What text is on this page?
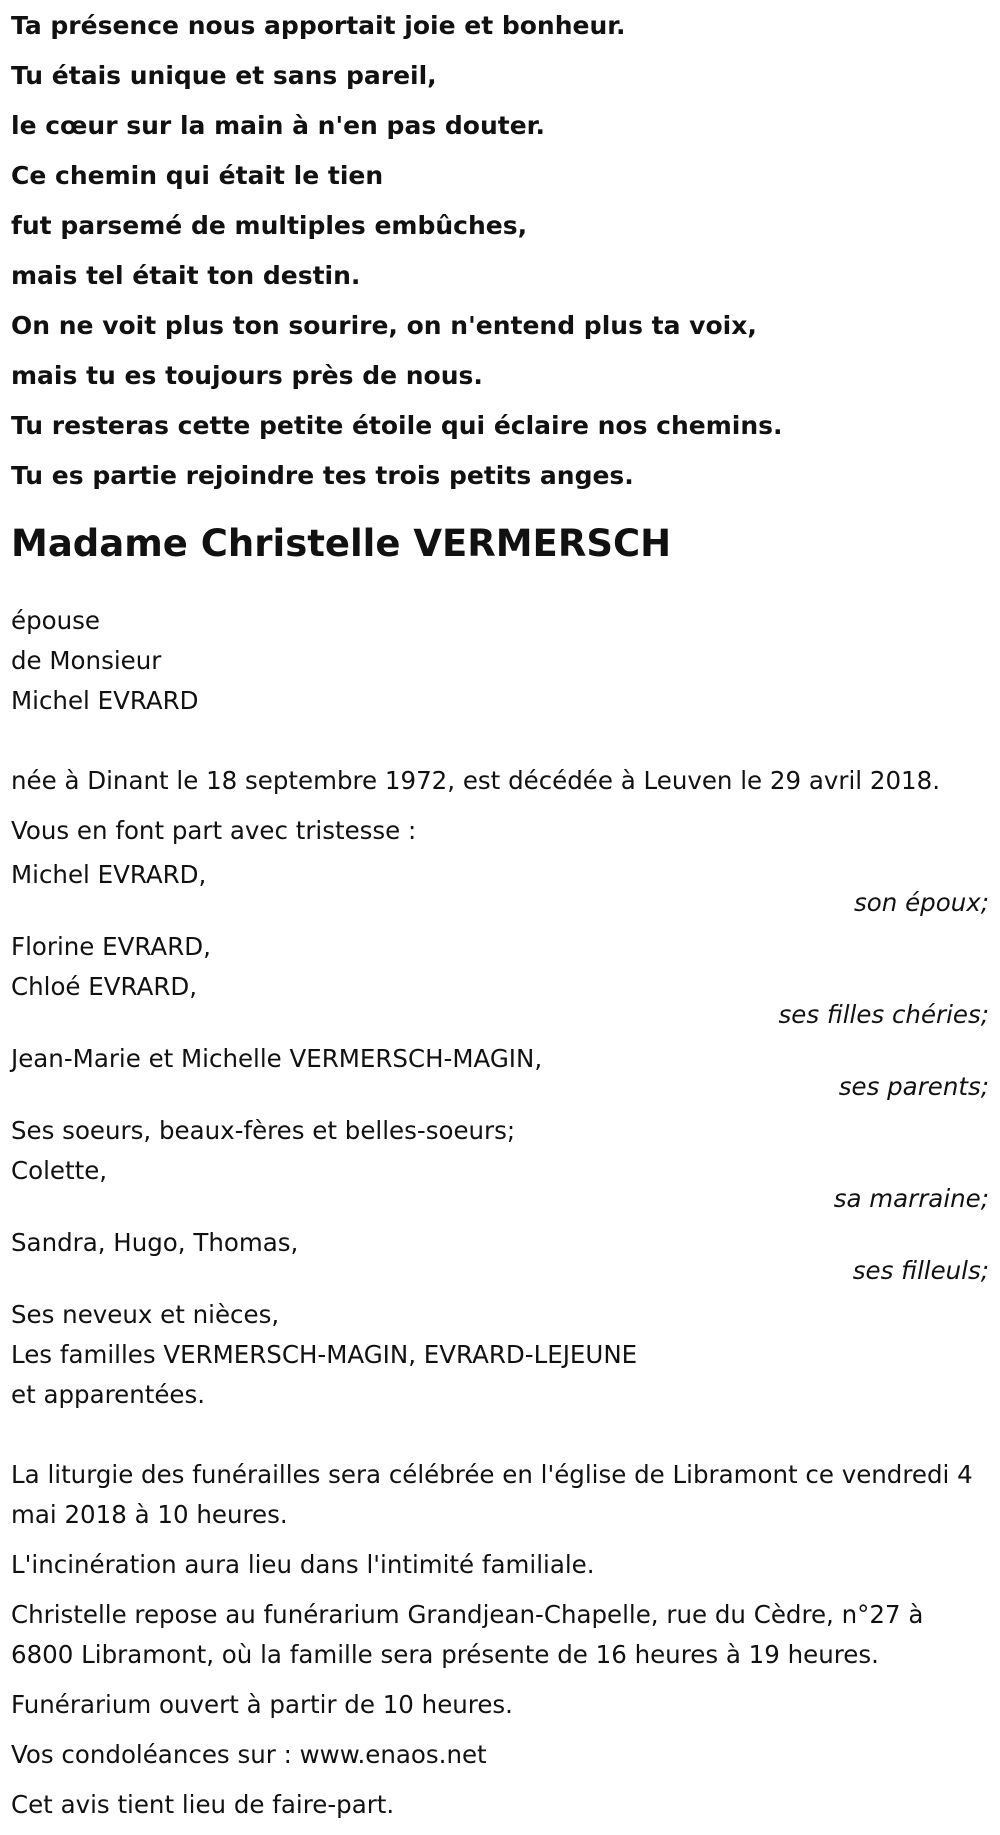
Ta présence nous apportait joie et bonheur.
Tu étais unique et sans pareil,
le cœur sur la main à n'en pas douter.
Ce chemin qui était le tien
fut parsemé de multiples embûches,
mais tel était ton destin.
On ne voit plus ton sourire, on n'entend plus ta voix,
mais tu es toujours près de nous.
Tu resteras cette petite étoile qui éclaire nos chemins.
Tu es partie rejoindre tes trois petits anges.
Madame Christelle VERMERSCH
épouse
de Monsieur
Michel EVRARD
née à Dinant le 18 septembre 1972, est décédée à Leuven le 29 avril 2018.
Vous en font part avec tristesse :
Michel EVRARD,
son époux;
Florine EVRARD,
Chloé EVRARD,
ses filles chéries;
Jean-Marie et Michelle VERMERSCH-MAGIN,
ses parents;
Ses soeurs, beaux-fères et belles-soeurs;
Colette,
sa marraine;
Sandra, Hugo, Thomas,
ses filleuls;
Ses neveux et nièces,
Les familles VERMERSCH-MAGIN, EVRARD-LEJEUNE
et apparentées.

La liturgie des funérailles sera célébrée en l'église de Libramont ce vendredi 4 mai 2018 à 10 heures.

L'incinération aura lieu dans l'intimité familiale.

Christelle repose au funérarium Grandjean-Chapelle, rue du Cèdre, n°27 à 6800 Libramont, où la famille sera présente de 16 heures à 19 heures.

Funérarium ouvert à partir de 10 heures.

Vos condoléances sur : www.enaos.net

Cet avis tient lieu de faire-part.
